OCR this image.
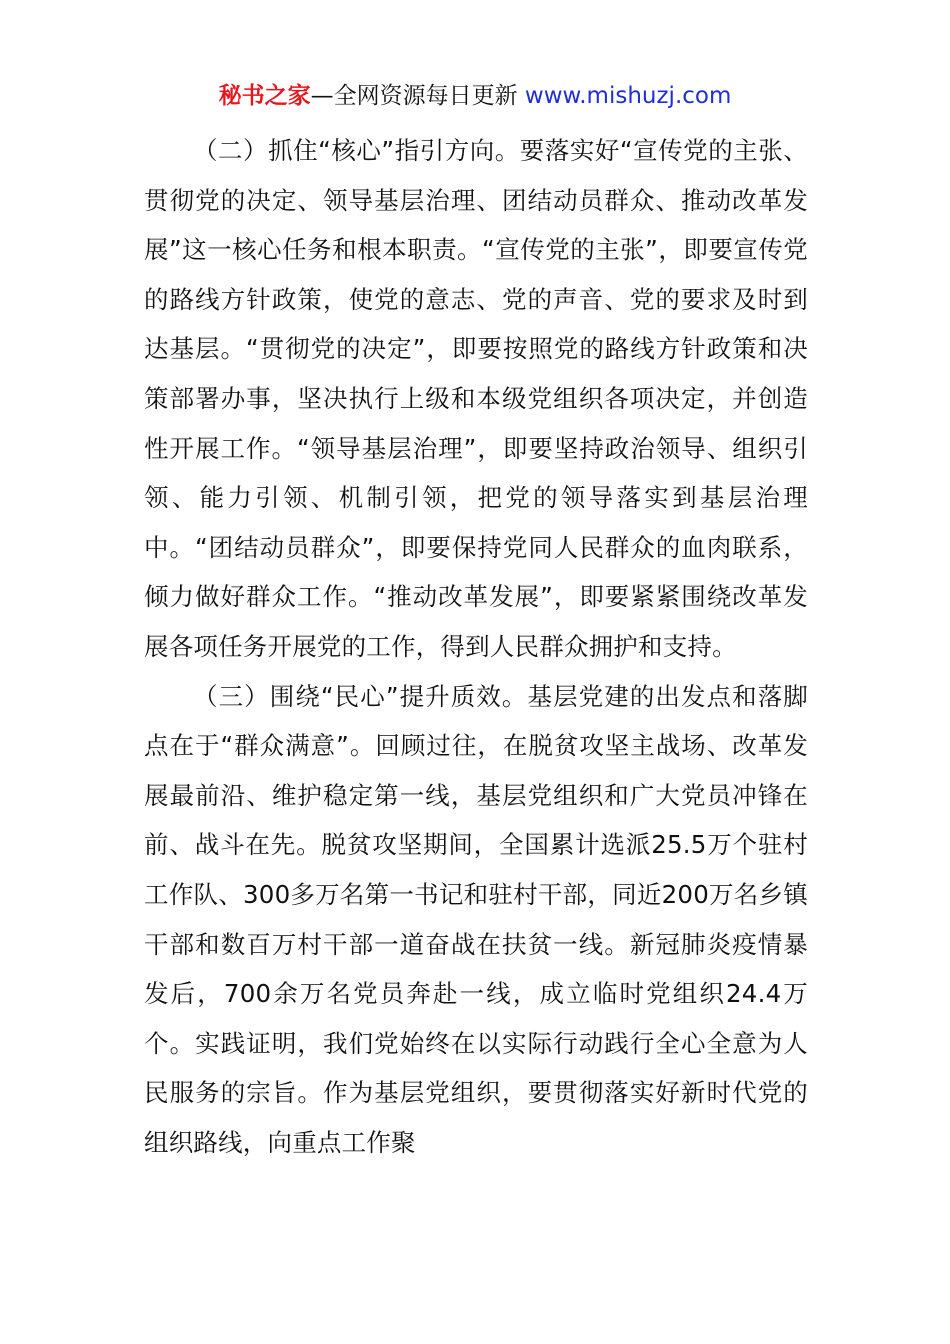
秘书之家—全网资源每日更新 www.mishuzj.com

（二）抓住“核心”指引方向。要落实好“宣传党的主张、贯彻党的决定、领导基层治理、团结动员群众、推动改革发展”这一核心任务和根本职责。“宣传党的主张”，即要宣传党的路线方针政策，使党的意志、党的声音、党的要求及时到达基层。“贯彻党的决定”，即要按照党的路线方针政策和决策部署办事，坚决执行上级和本级党组织各项决定，并创造性开展工作。“领导基层治理”，即要坚持政治领导、组织引领、能力引领、机制引领，把党的领导落实到基层治理中。“团结动员群众”，即要保持党同人民群众的血肉联系，倾力做好群众工作。“推动改革发展”，即要紧紧围绕改革发展各项任务开展党的工作，得到人民群众拥护和支持。

（三）围绕“民心”提升质效。基层党建的出发点和落脚点在于“群众满意”。回顾过往，在脱贫攻坚主战场、改革发展最前沿、维护稳定第一线，基层党组织和广大党员冲锋在前、战斗在先。脱贫攻坚期间，全国累计选派25.5万个驻村工作队、300多万名第一书记和驻村干部，同近200万名乡镇干部和数百万村干部一道奋战在扶贫一线。新冠肺炎疫情暴发后，700余万名党员奔赴一线，成立临时党组织24.4万个。实践证明，我们党始终在以实际行动践行全心全意为人民服务的宗旨。作为基层党组织，要贯彻落实好新时代党的组织路线，向重点工作聚
